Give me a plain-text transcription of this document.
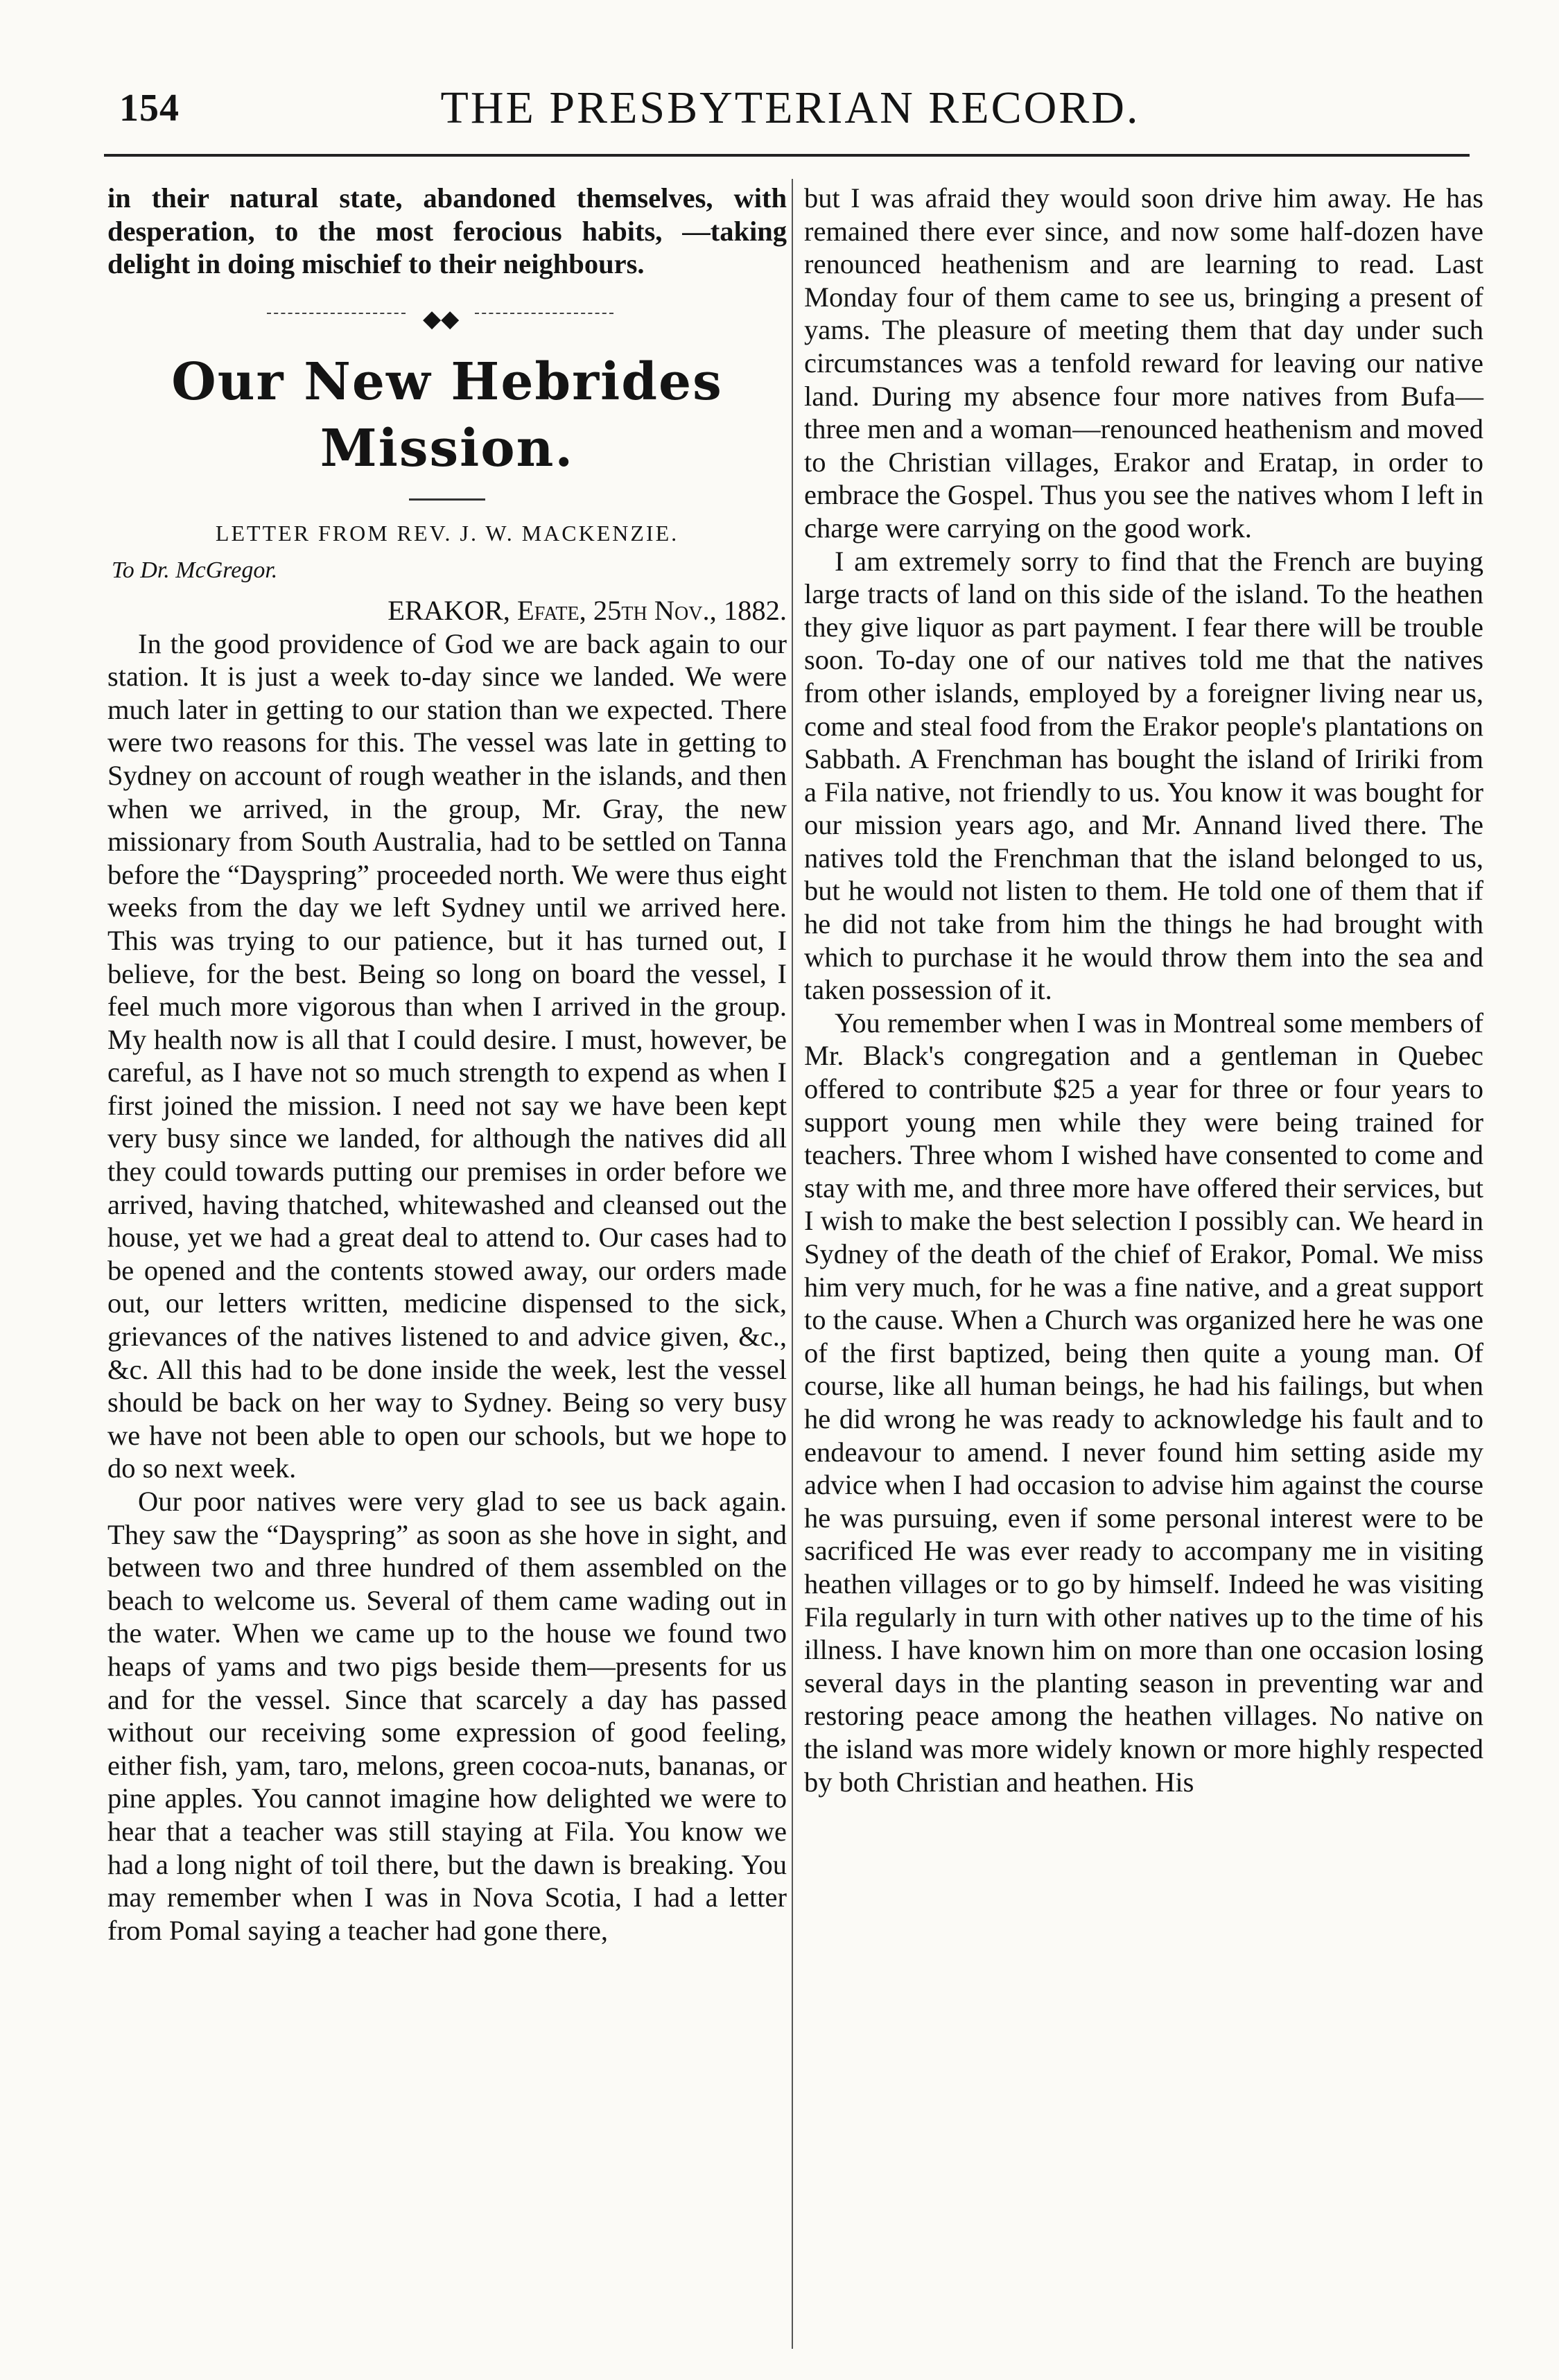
154	THE PRESBYTERIAN RECORD.

in their natural state, abandoned themselves, with desperation, to the most ferocious habits, —taking delight in doing mischief to their neighbours.

◆◆
Our New Hebrides Mission.
LETTER FROM REV. J. W. MACKENZIE.
To Dr. McGregor.

ERAKOR, Efate, 25th Nov., 1882.

In the good providence of God we are back again to our station. It is just a week to-day since we landed. We were much later in getting to our station than we expected. There were two reasons for this. The vessel was late in getting to Sydney on account of rough weather in the islands, and then when we arrived, in the group, Mr. Gray, the new missionary from South Australia, had to be settled on Tanna before the “Dayspring” proceeded north. We were thus eight weeks from the day we left Sydney until we arrived here. This was trying to our patience, but it has turned out, I believe, for the best. Being so long on board the vessel, I feel much more vigorous than when I arrived in the group. My health now is all that I could desire. I must, however, be careful, as I have not so much strength to expend as when I first joined the mission. I need not say we have been kept very busy since we landed, for although the natives did all they could towards putting our premises in order before we arrived, having thatched, whitewashed and cleansed out the house, yet we had a great deal to attend to. Our cases had to be opened and the contents stowed away, our orders made out, our letters written, medicine dispensed to the sick, grievances of the natives listened to and advice given, &c., &c. All this had to be done inside the week, lest the vessel should be back on her way to Sydney. Being so very busy we have not been able to open our schools, but we hope to do so next week.

Our poor natives were very glad to see us back again. They saw the “Dayspring” as soon as she hove in sight, and between two and three hundred of them assembled on the beach to welcome us. Several of them came wading out in the water. When we came up to the house we found two heaps of yams and two pigs beside them—presents for us and for the vessel. Since that scarcely a day has passed without our receiving some expression of good feeling, either fish, yam, taro, melons, green cocoa-nuts, bananas, or pine apples. You cannot imagine how delighted we were to hear that a teacher was still staying at Fila. You know we had a long night of toil there, but the dawn is breaking. You may remember when I was in Nova Scotia, I had a letter from Pomal saying a teacher had gone there,

but I was afraid they would soon drive him away. He has remained there ever since, and now some half-dozen have renounced heathenism and are learning to read. Last Monday four of them came to see us, bringing a present of yams. The pleasure of meeting them that day under such circumstances was a tenfold reward for leaving our native land. During my absence four more natives from Bufa—three men and a woman—renounced heathenism and moved to the Christian villages, Erakor and Eratap, in order to embrace the Gospel. Thus you see the natives whom I left in charge were carrying on the good work.

I am extremely sorry to find that the French are buying large tracts of land on this side of the island. To the heathen they give liquor as part payment. I fear there will be trouble soon. To-day one of our natives told me that the natives from other islands, employed by a foreigner living near us, come and steal food from the Erakor people's plantations on Sabbath. A Frenchman has bought the island of Iririki from a Fila native, not friendly to us. You know it was bought for our mission years ago, and Mr. Annand lived there. The natives told the Frenchman that the island belonged to us, but he would not listen to them. He told one of them that if he did not take from him the things he had brought with which to purchase it he would throw them into the sea and taken possession of it.

You remember when I was in Montreal some members of Mr. Black's congregation and a gentleman in Quebec offered to contribute $25 a year for three or four years to support young men while they were being trained for teachers. Three whom I wished have consented to come and stay with me, and three more have offered their services, but I wish to make the best selection I possibly can. We heard in Sydney of the death of the chief of Erakor, Pomal. We miss him very much, for he was a fine native, and a great support to the cause. When a Church was organized here he was one of the first baptized, being then quite a young man. Of course, like all human beings, he had his failings, but when he did wrong he was ready to acknowledge his fault and to endeavour to amend. I never found him setting aside my advice when I had occasion to advise him against the course he was pursuing, even if some personal interest were to be sacrificed He was ever ready to accompany me in visiting heathen villages or to go by himself. Indeed he was visiting Fila regularly in turn with other natives up to the time of his illness. I have known him on more than one occasion losing several days in the planting season in preventing war and restoring peace among the heathen villages. No native on the island was more widely known or more highly respected by both Christian and heathen. His
